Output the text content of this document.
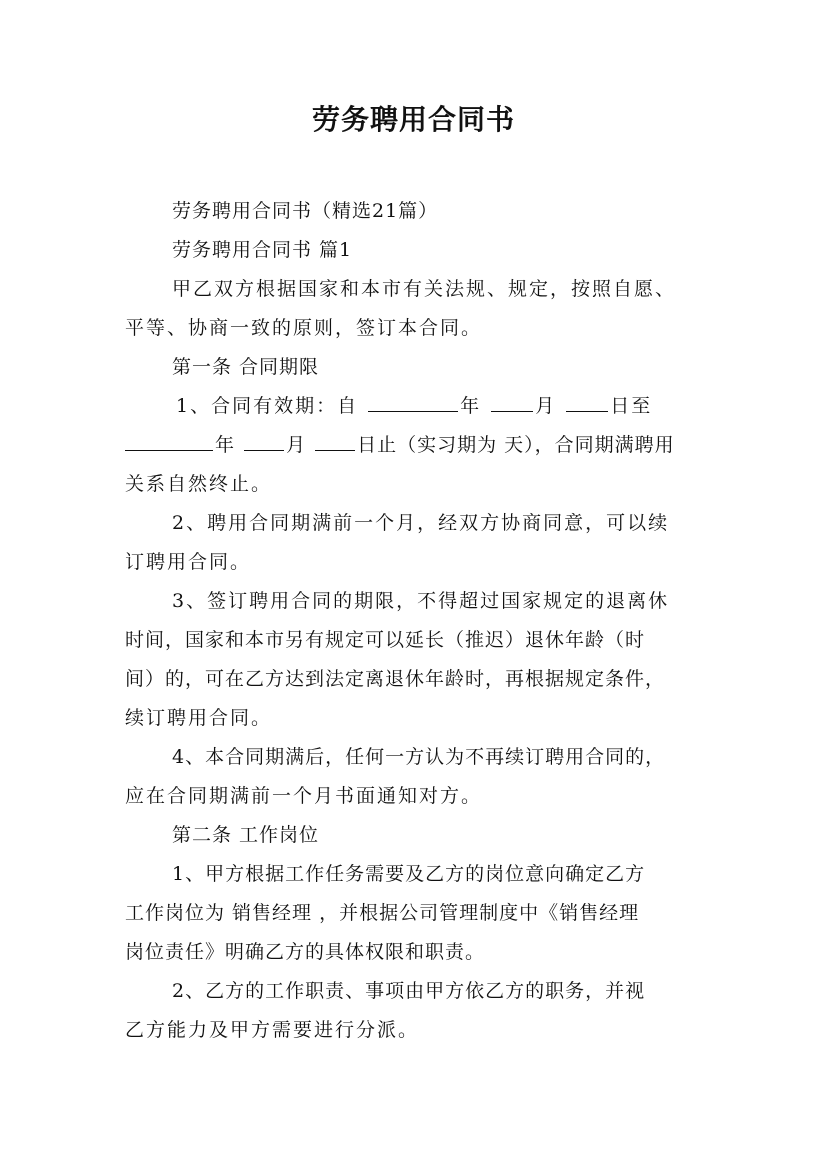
劳务聘用合同书
劳务聘用合同书（精选21篇）
劳务聘用合同书 篇1
甲乙双方根据国家和本市有关法规、规定，按照自愿、
平等、协商一致的原则，签订本合同。
第一条 合同期限
1、合同有效期：自	年	月	日至
年	月	日止（实习期为 天），合同期满聘用
关系自然终止。
2、聘用合同期满前一个月，经双方协商同意，可以续
订聘用合同。
3、签订聘用合同的期限，不得超过国家规定的退离休
时间，国家和本市另有规定可以延长（推迟）退休年龄（时
间）的，可在乙方达到法定离退休年龄时，再根据规定条件，
续订聘用合同。
4、本合同期满后，任何一方认为不再续订聘用合同的，
应在合同期满前一个月书面通知对方。
第二条 工作岗位
1、甲方根据工作任务需要及乙方的岗位意向确定乙方
工作岗位为 销售经理 ，并根据公司管理制度中《销售经理
岗位责任》明确乙方的具体权限和职责。
2、乙方的工作职责、事项由甲方依乙方的职务，并视
乙方能力及甲方需要进行分派。
